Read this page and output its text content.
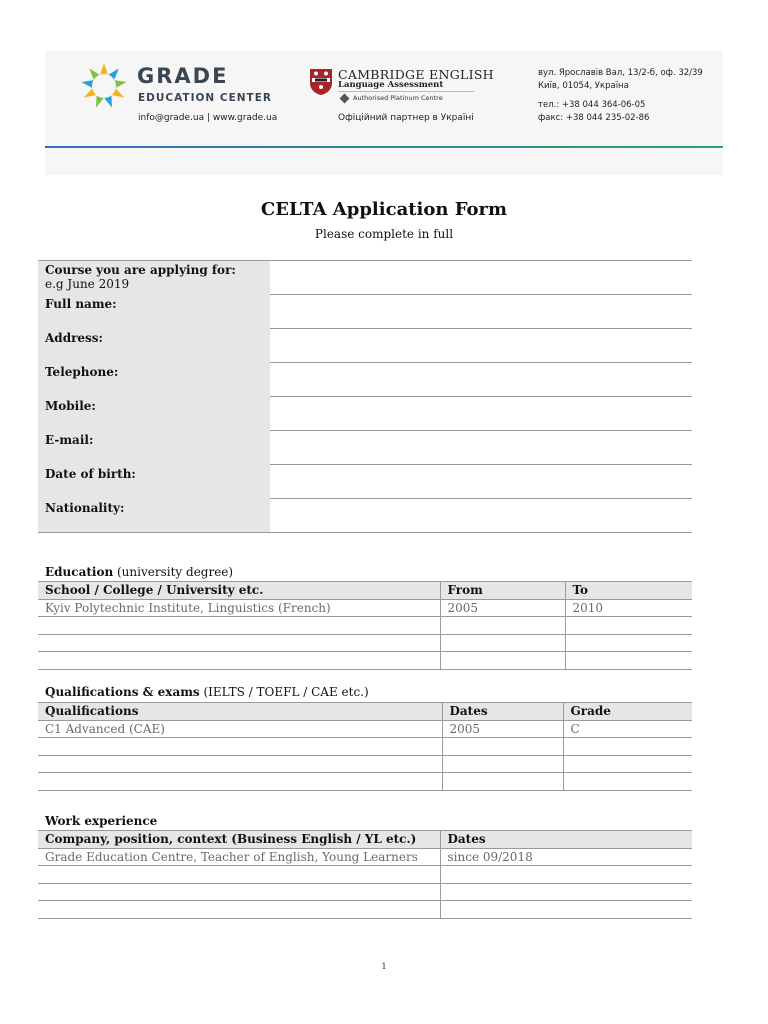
GRADE
EDUCATION CENTER
info@grade.ua | www.grade.ua
CAMBRIDGE ENGLISH
Language Assessment
Authorised Platinum Centre
Офіційний партнер в Україні
вул. Ярославів Вал, 13/2-б, оф. 32/39
Київ, 01054, Україна
тел.: +38 044 364-06-05
факс: +38 044 235-02-86
CELTA Application Form
Please complete in full
Course you are applying for:
e.g June 2019	

Full name:	
Address:	
Telephone:	
Mobile:	
E-mail:	
Date of birth:	
Nationality:	
Education (university degree)
School / College / University etc.	From	To
Kyiv Polytechnic Institute, Linguistics (French)	2005	2010

Qualifications & exams (IELTS / TOEFL / CAE etc.)
Qualifications	Dates	Grade
C1 Advanced (CAE)	2005	C

Work experience
Company, position, context (Business English / YL etc.)	Dates
Grade Education Centre, Teacher of English, Young Learners	since 09/2018

1
